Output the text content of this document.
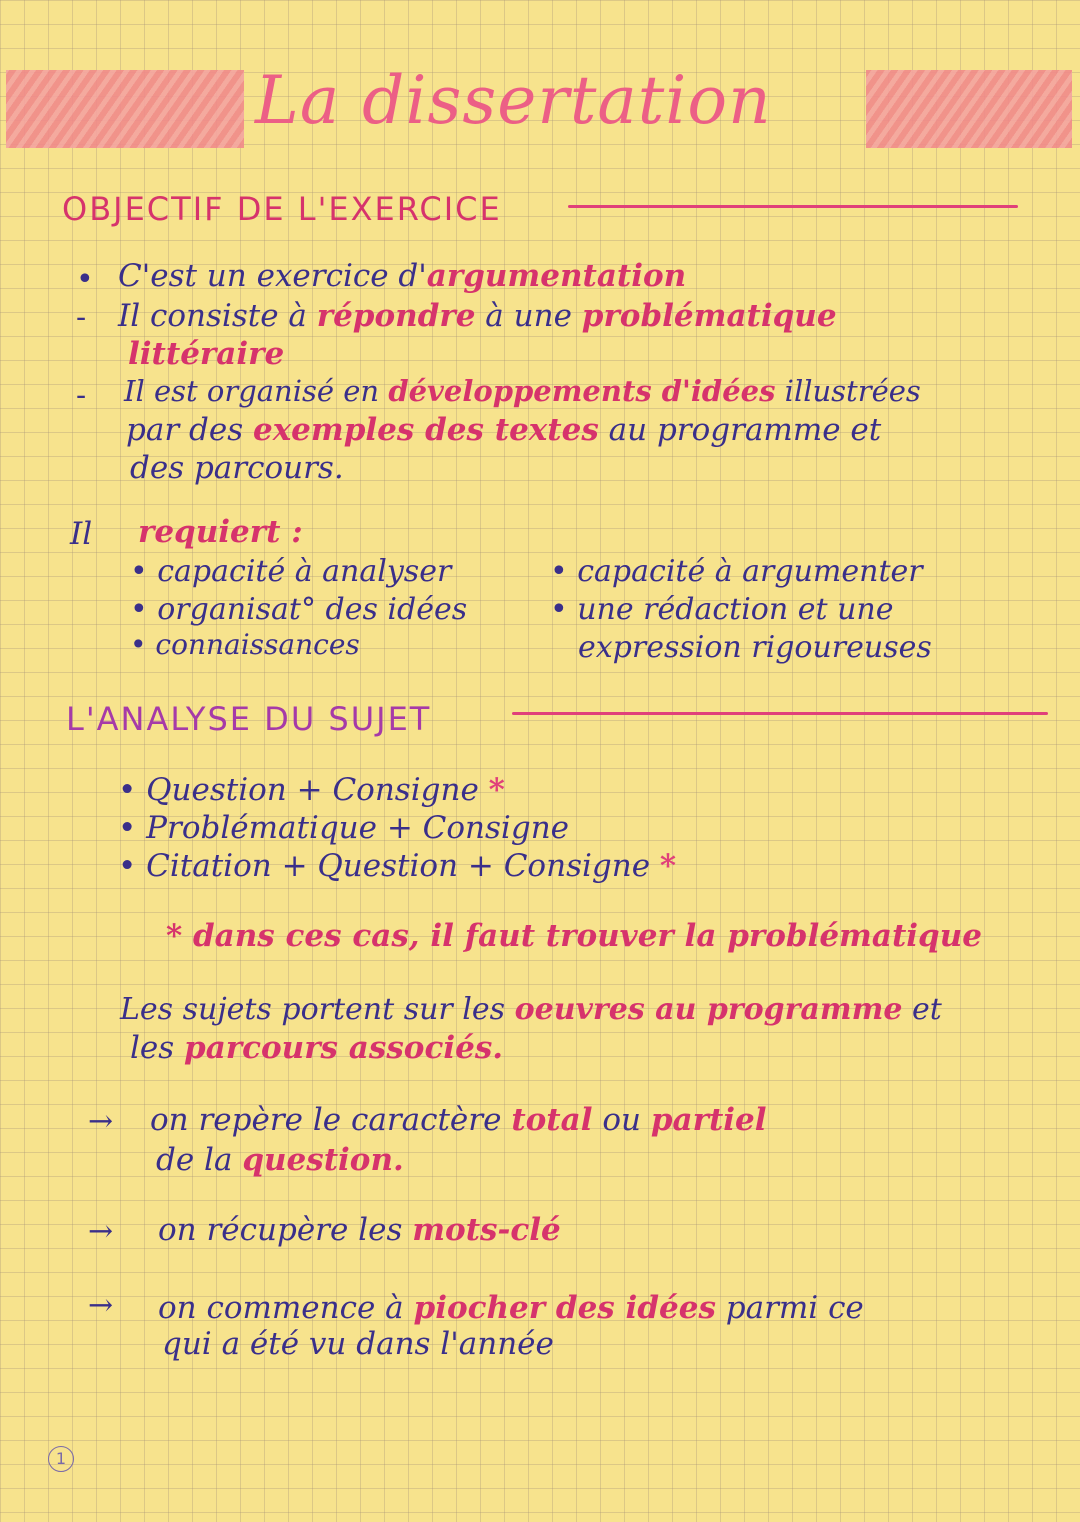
La dissertation
OBJECTIF DE L'EXERCICE
• C'est un exercice d'argumentation
- Il consiste à répondre à une problématique
littéraire
- Il est organisé en développements d'idées illustrées
par des exemples des textes au programme et
des parcours.
Il requiert :
• capacité à analyser
• organisat° des idées
• connaissances
• capacité à argumenter
• une rédaction et une
expression rigoureuses
L'ANALYSE DU SUJET
• Question + Consigne *
• Problématique + Consigne
• Citation + Question + Consigne *
* dans ces cas, il faut trouver la problématique
Les sujets portent sur les oeuvres au programme et
les parcours associés.
→ on repère le caractère total ou partiel
de la question.
→ on récupère les mots-clé
→ on commence à piocher des idées parmi ce
qui a été vu dans l'année
1
